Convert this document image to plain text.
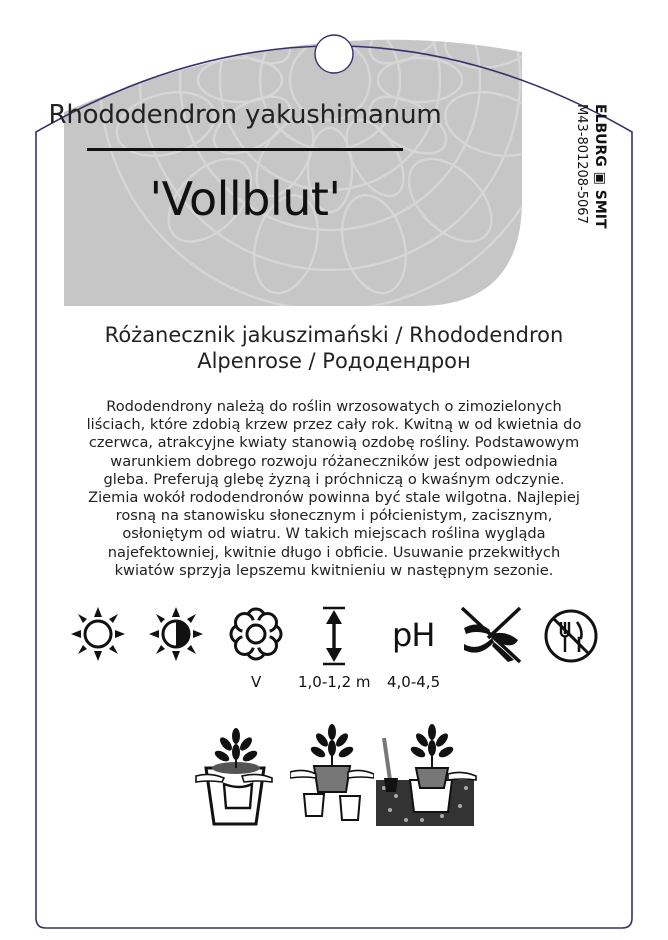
Rhododendron yakushimanum

'Vollblut'	ELBURG ▣ SMIT
M43-801208-5067
Różanecznik jakuszimański / Rhododendron
Alpenrose / Рододендрон
Rododendrony należą do roślin wrzosowatych o zimozielonych
liściach, które zdobią krzew przez cały rok. Kwitną w od kwietnia do
czerwca, atrakcyjne kwiaty stanowią ozdobę rośliny. Podstawowym
warunkiem dobrego rozwoju różaneczników jest odpowiednia
gleba. Preferują glebę żyzną i próchniczą o kwaśnym odczynie.
Ziemia wokół rododendronów powinna być stale wilgotna. Najlepiej
rosną na stanowisku słonecznym i półcienistym, zacisznym,
osłoniętym od wiatru. W takich miejscach roślina wygląda
najefektowniej, kwitnie długo i obficie. Usuwanie przekwitłych
kwiatów sprzyja lepszemu kwitnieniu w następnym sezonie.
pH
V 1,0-1,2 m 4,0-4,5
